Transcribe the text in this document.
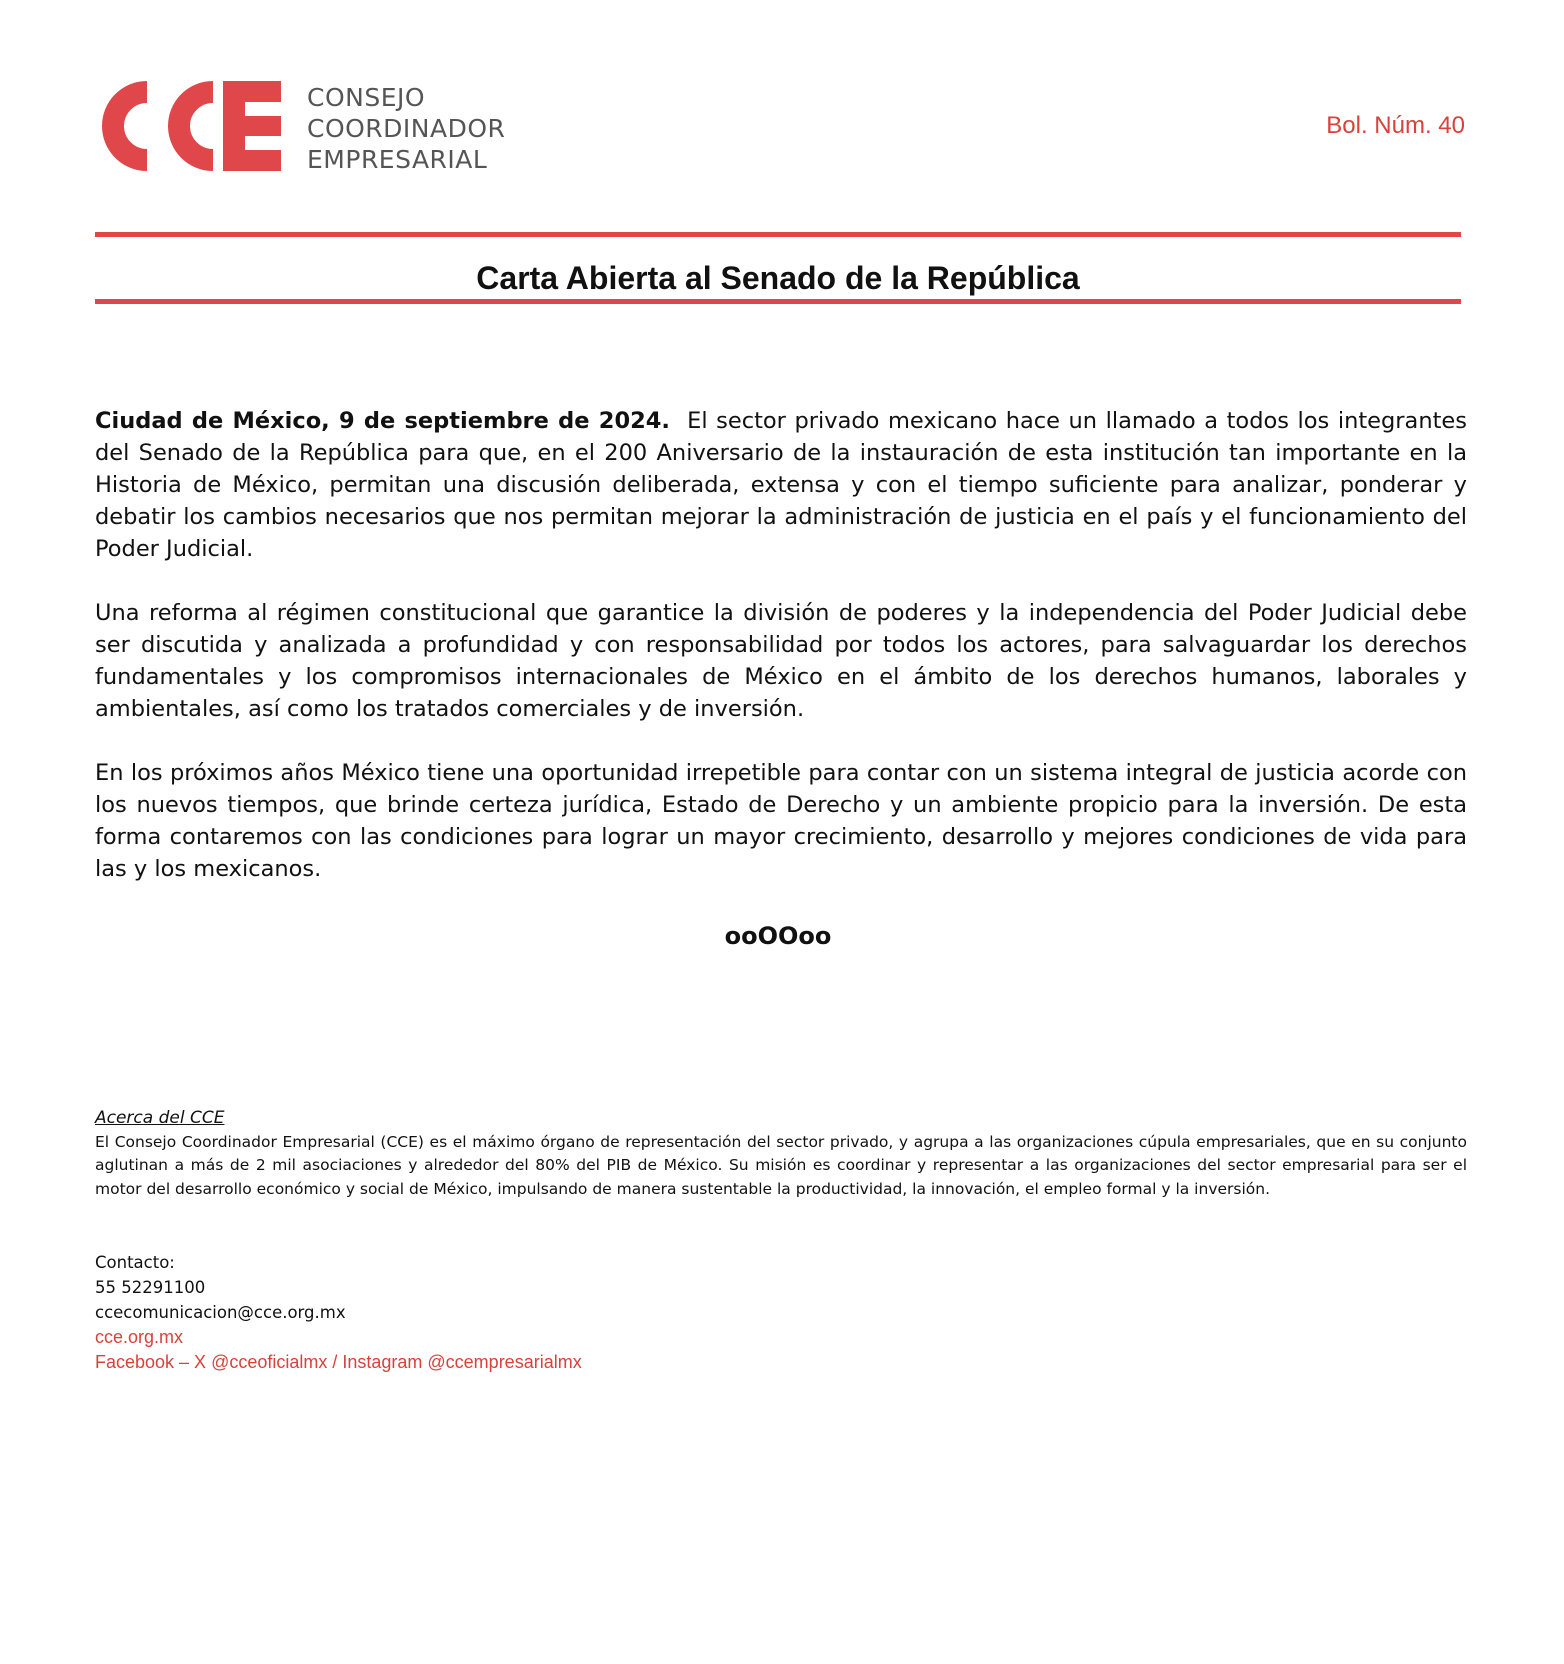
CONSEJO
COORDINADOR
EMPRESARIAL
Bol. Núm. 40
Carta Abierta al Senado de la República

Ciudad de México, 9 de septiembre de 2024. El sector privado mexicano hace un llamado a todos los integrantes del Senado de la República para que, en el 200 Aniversario de la instauración de esta institución tan importante en la Historia de México, permitan una discusión deliberada, extensa y con el tiempo suficiente para analizar, ponderar y debatir los cambios necesarios que nos permitan mejorar la administración de justicia en el país y el funcionamiento del Poder Judicial.

Una reforma al régimen constitucional que garantice la división de poderes y la independencia del Poder Judicial debe ser discutida y analizada a profundidad y con responsabilidad por todos los actores, para salvaguardar los derechos fundamentales y los compromisos internacionales de México en el ámbito de los derechos humanos, laborales y ambientales, así como los tratados comerciales y de inversión.

En los próximos años México tiene una oportunidad irrepetible para contar con un sistema integral de justicia acorde con los nuevos tiempos, que brinde certeza jurídica, Estado de Derecho y un ambiente propicio para la inversión. De esta forma contaremos con las condiciones para lograr un mayor crecimiento, desarrollo y mejores condiciones de vida para las y los mexicanos.

ooOOoo
Acerca del CCE

El Consejo Coordinador Empresarial (CCE) es el máximo órgano de representación del sector privado, y agrupa a las organizaciones cúpula empresariales, que en su conjunto aglutinan a más de 2 mil asociaciones y alrededor del 80% del PIB de México. Su misión es coordinar y representar a las organizaciones del sector empresarial para ser el motor del desarrollo económico y social de México, impulsando de manera sustentable la productividad, la innovación, el empleo formal y la inversión.

Contacto:
55 52291100
ccecomunicacion@cce.org.mx
cce.org.mx
Facebook – X @cceoficialmx / Instagram @ccempresarialmx
